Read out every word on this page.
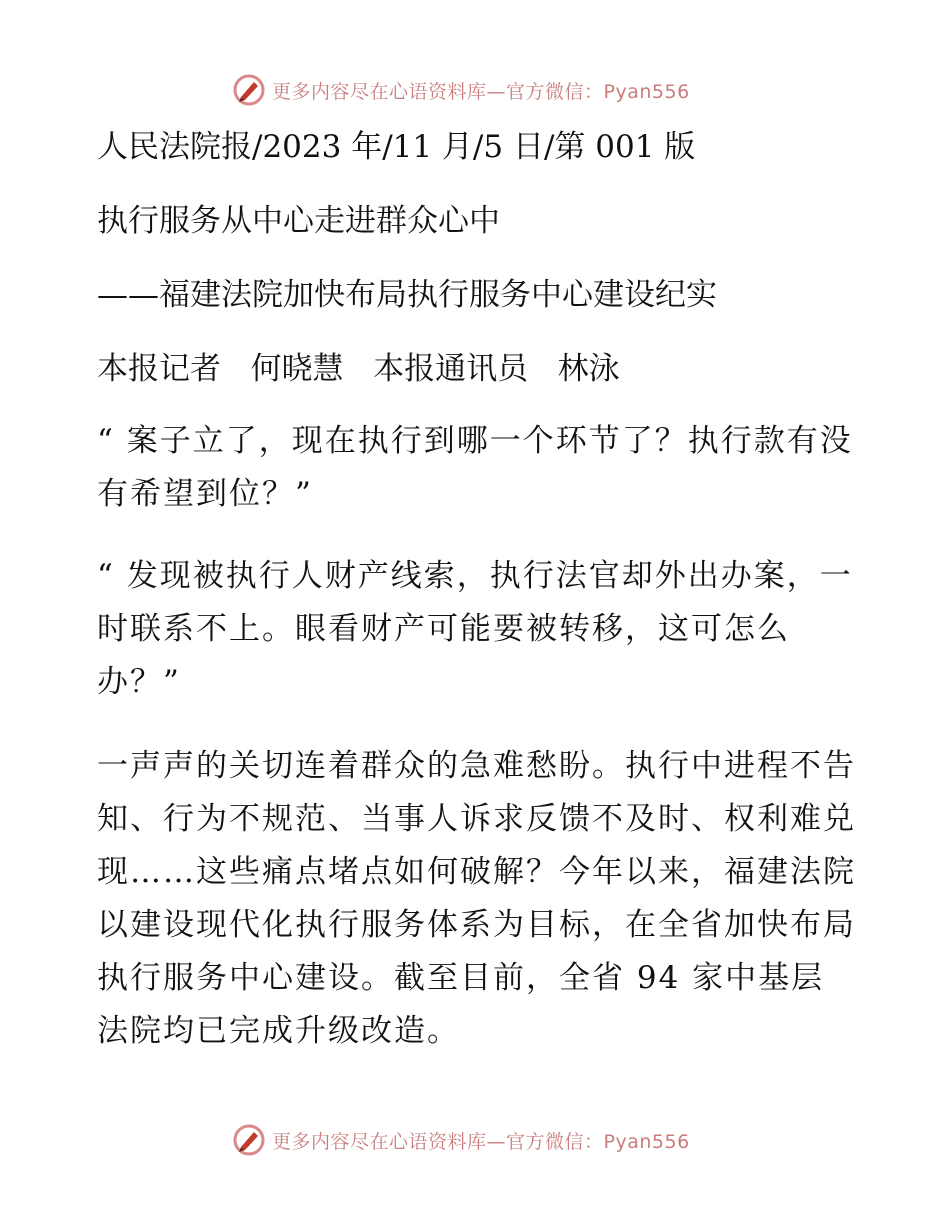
更多内容尽在心语资料库—官方微信：Pyan556
人民法院报/2023 年/11 月/5 日/第 001 版
执行服务从中心走进群众心中
——福建法院加快布局执行服务中心建设纪实
本报记者   何晓慧   本报通讯员   林泳
“ 案子立了，现在执行到哪一个环节了？执行款有没有希望到位？”
“ 发现被执行人财产线索，执行法官却外出办案，一时联系不上。眼看财产可能要被转移，这可怎么办？”
一声声的关切连着群众的急难愁盼。执行中进程不告知、行为不规范、当事人诉求反馈不及时、权利难兑现……这些痛点堵点如何破解？今年以来，福建法院以建设现代化执行服务体系为目标，在全省加快布局执行服务中心建设。截至目前，全省 94 家中基层法院均已完成升级改造。
更多内容尽在心语资料库—官方微信：Pyan556
